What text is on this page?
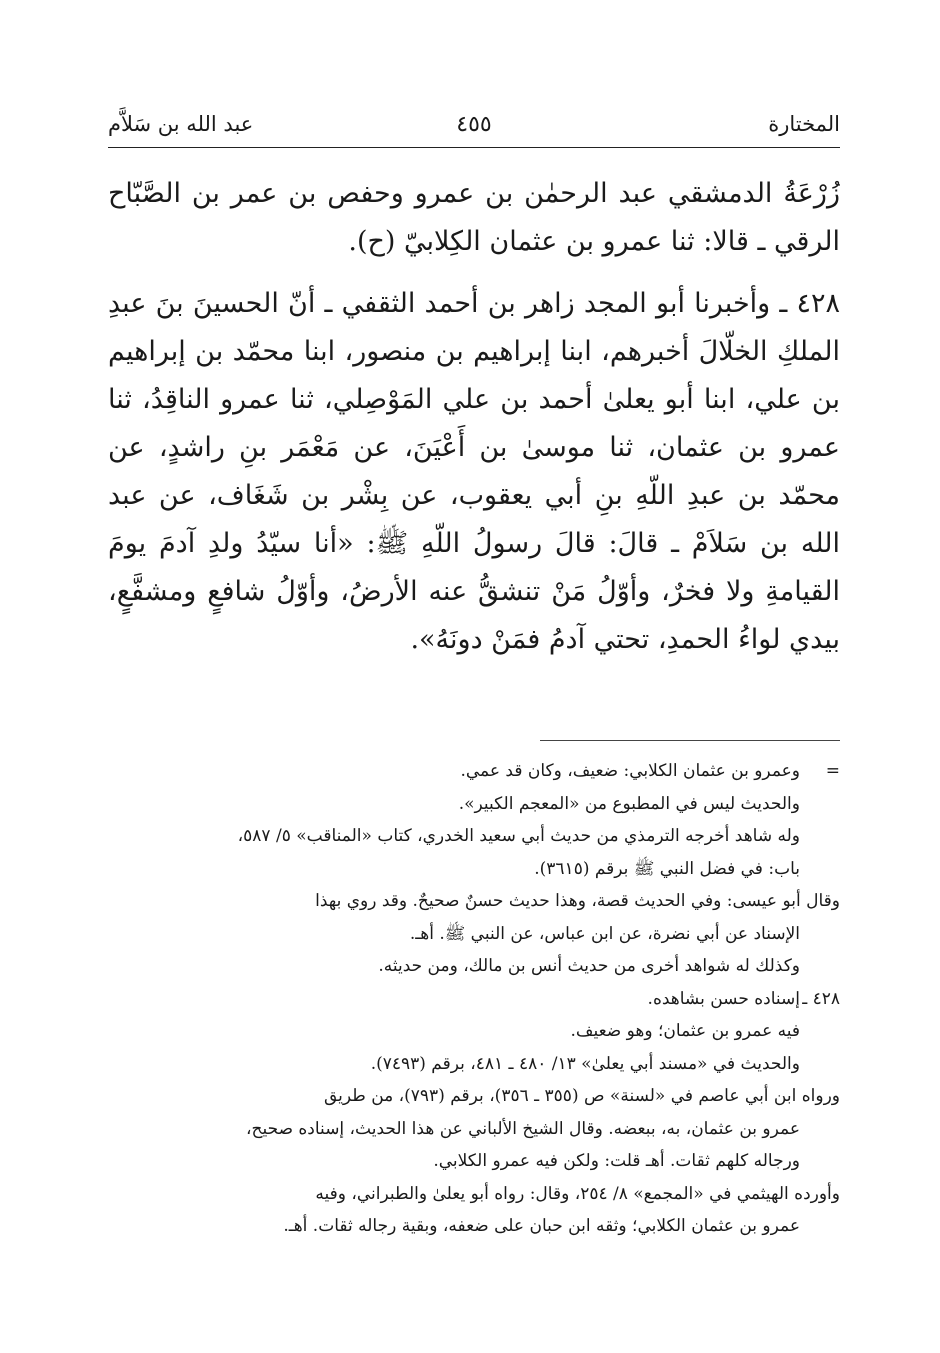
المختارة
٤٥٥
عبد الله بن سَلاَّم

زُرْعَةُ الدمشقي عبد الرحمٰن بن عمرو وحفص بن عمر بن الصَّبّاح الرقي ـ قالا: ثنا عمرو بن عثمان الكِلابيّ (ح).

٤٢٨ ـ وأخبرنا أبو المجد زاهر بن أحمد الثقفي ـ أنّ الحسينَ بنَ عبدِ الملكِ الخلّالَ أخبرهم، ابنا إبراهيم بن منصور، ابنا محمّد بن إبراهيم بن علي، ابنا أبو يعلىٰ أحمد بن علي المَوْصِلي، ثنا عمرو الناقِدُ، ثنا عمرو بن عثمان، ثنا موسىٰ بن أَعْيَنَ، عن مَعْمَر بنِ راشدٍ، عن محمّد بن عبدِ اللّهِ بنِ أبي يعقوب، عن بِشْر بن شَغَاف، عن عبد الله بن سَلاَمْ ـ قالَ: قالَ رسولُ اللّهِ ﷺ: «أنا سيّدُ ولدِ آدمَ يومَ القيامةِ ولا فخرٌ، وأوّلُ مَنْ تنشقُّ عنه الأرضُ، وأوّلُ شافعٍ ومشفَّعٍ، بيدي لواءُ الحمدِ، تحتي آدمُ فمَنْ دونَهُ».

=
وعمرو بن عثمان الكلابي: ضعيف، وكان قد عمي.
والحديث ليس في المطبوع من «المعجم الكبير».
وله شاهد أخرجه الترمذي من حديث أبي سعيد الخدري، كتاب «المناقب» ٥/ ٥٨٧،
باب: في فضل النبي ﷺ برقم (٣٦١٥).
وقال أبو عيسى: وفي الحديث قصة، وهذا حديث حسنٌ صحيحٌ. وقد روي بهذا
الإسناد عن أبي نضرة، عن ابن عباس، عن النبي ﷺ. أهـ.
وكذلك له شواهد أخرى من حديث أنس بن مالك، ومن حديثه.
٤٢٨ ـ
إسناده حسن بشاهده.
فيه عمرو بن عثمان؛ وهو ضعيف.
والحديث في «مسند أبي يعلىٰ» ١٣/ ٤٨٠ ـ ٤٨١، برقم (٧٤٩٣).
ورواه ابن أبي عاصم في «لسنة» ص (٣٥٥ ـ ٣٥٦)، برقم (٧٩٣)، من طريق
عمرو بن عثمان، به، ببعضه. وقال الشيخ الألباني عن هذا الحديث، إسناده صحيح،
ورجاله كلهم ثقات. أهـ قلت: ولكن فيه عمرو الكلابي.
وأورده الهيثمي في «المجمع» ٨/ ٢٥٤، وقال: رواه أبو يعلىٰ والطبراني، وفيه
عمرو بن عثمان الكلابي؛ وثقه ابن حبان على ضعفه، وبقية رجاله ثقات. أهـ.
